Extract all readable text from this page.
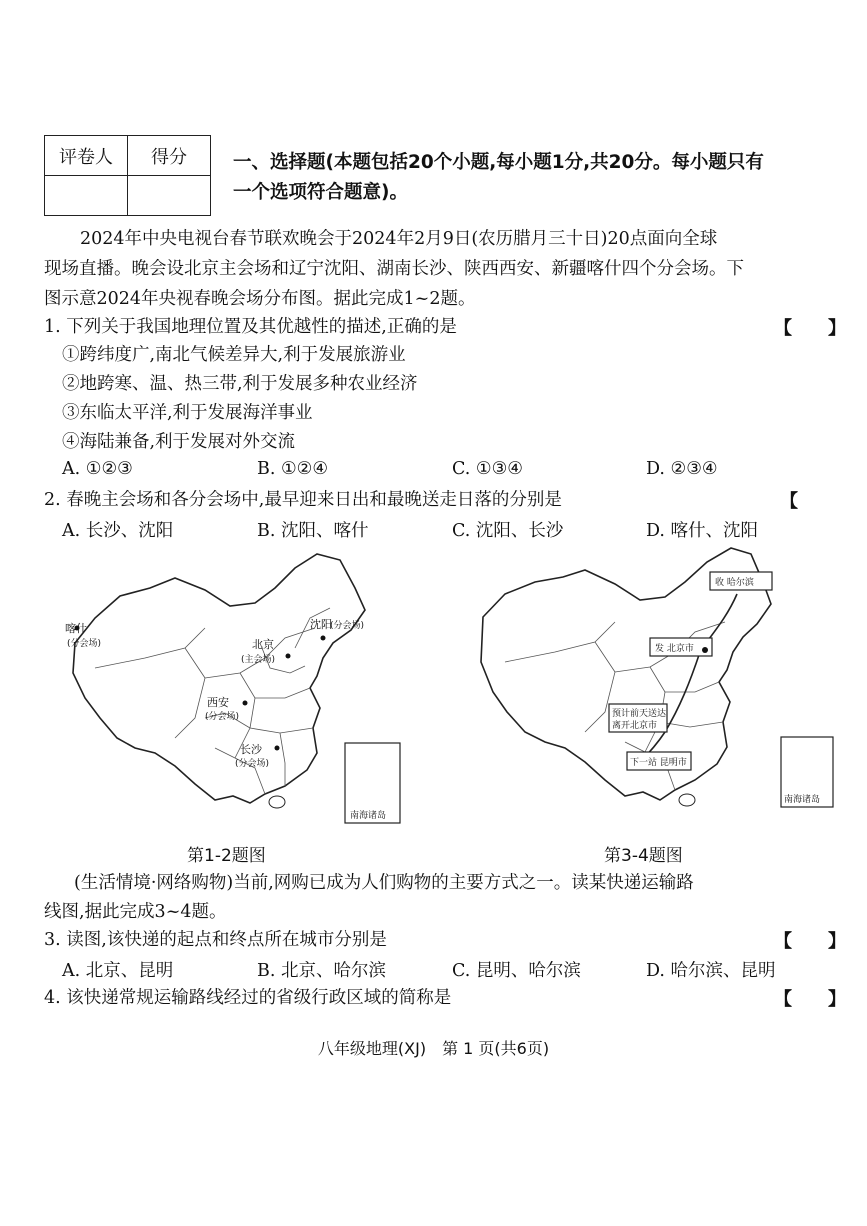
评卷人	得分
	一、选择题(本题包括20个小题,每小题1分,共20分。每小题只有
一个选项符合题意)。
2024年中央电视台春节联欢晚会于2024年2月9日(农历腊月三十日)20点面向全球
现场直播。晚会设北京主会场和辽宁沈阳、湖南长沙、陕西西安、新疆喀什四个分会场。下
图示意2024年央视春晚会场分布图。据此完成1~2题。
1. 下列关于我国地理位置及其优越性的描述,正确的是	【　　】
①跨纬度广,南北气候差异大,利于发展旅游业
②地跨寒、温、热三带,利于发展多种农业经济
③东临太平洋,利于发展海洋事业
④海陆兼备,利于发展对外交流
A. ①②③	B. ①②④	C. ①③④	D. ②③④
2. 春晚主会场和各分会场中,最早迎来日出和最晚送走日落的分别是	【
A. 长沙、沈阳	B. 沈阳、喀什	C. 沈阳、长沙	D. 喀什、沈阳
南海诸岛
喀什
(分会场)	北京
(主会场)
沈阳
(分会场)
西安
(分会场)
长沙
(分会场)
第1-2题图
收 哈尔滨
发 北京市
预计前天送达
离开北京市
下一站 昆明市
南海诸岛
第3-4题图
(生活情境·网络购物)当前,网购已成为人们购物的主要方式之一。读某快递运输路
线图,据此完成3~4题。
3. 读图,该快递的起点和终点所在城市分别是	【　　】
A. 北京、昆明	B. 北京、哈尔滨	C. 昆明、哈尔滨	D. 哈尔滨、昆明
4. 该快递常规运输路线经过的省级行政区域的简称是	【　　】
八年级地理(XJ)　第 1 页(共6页)
